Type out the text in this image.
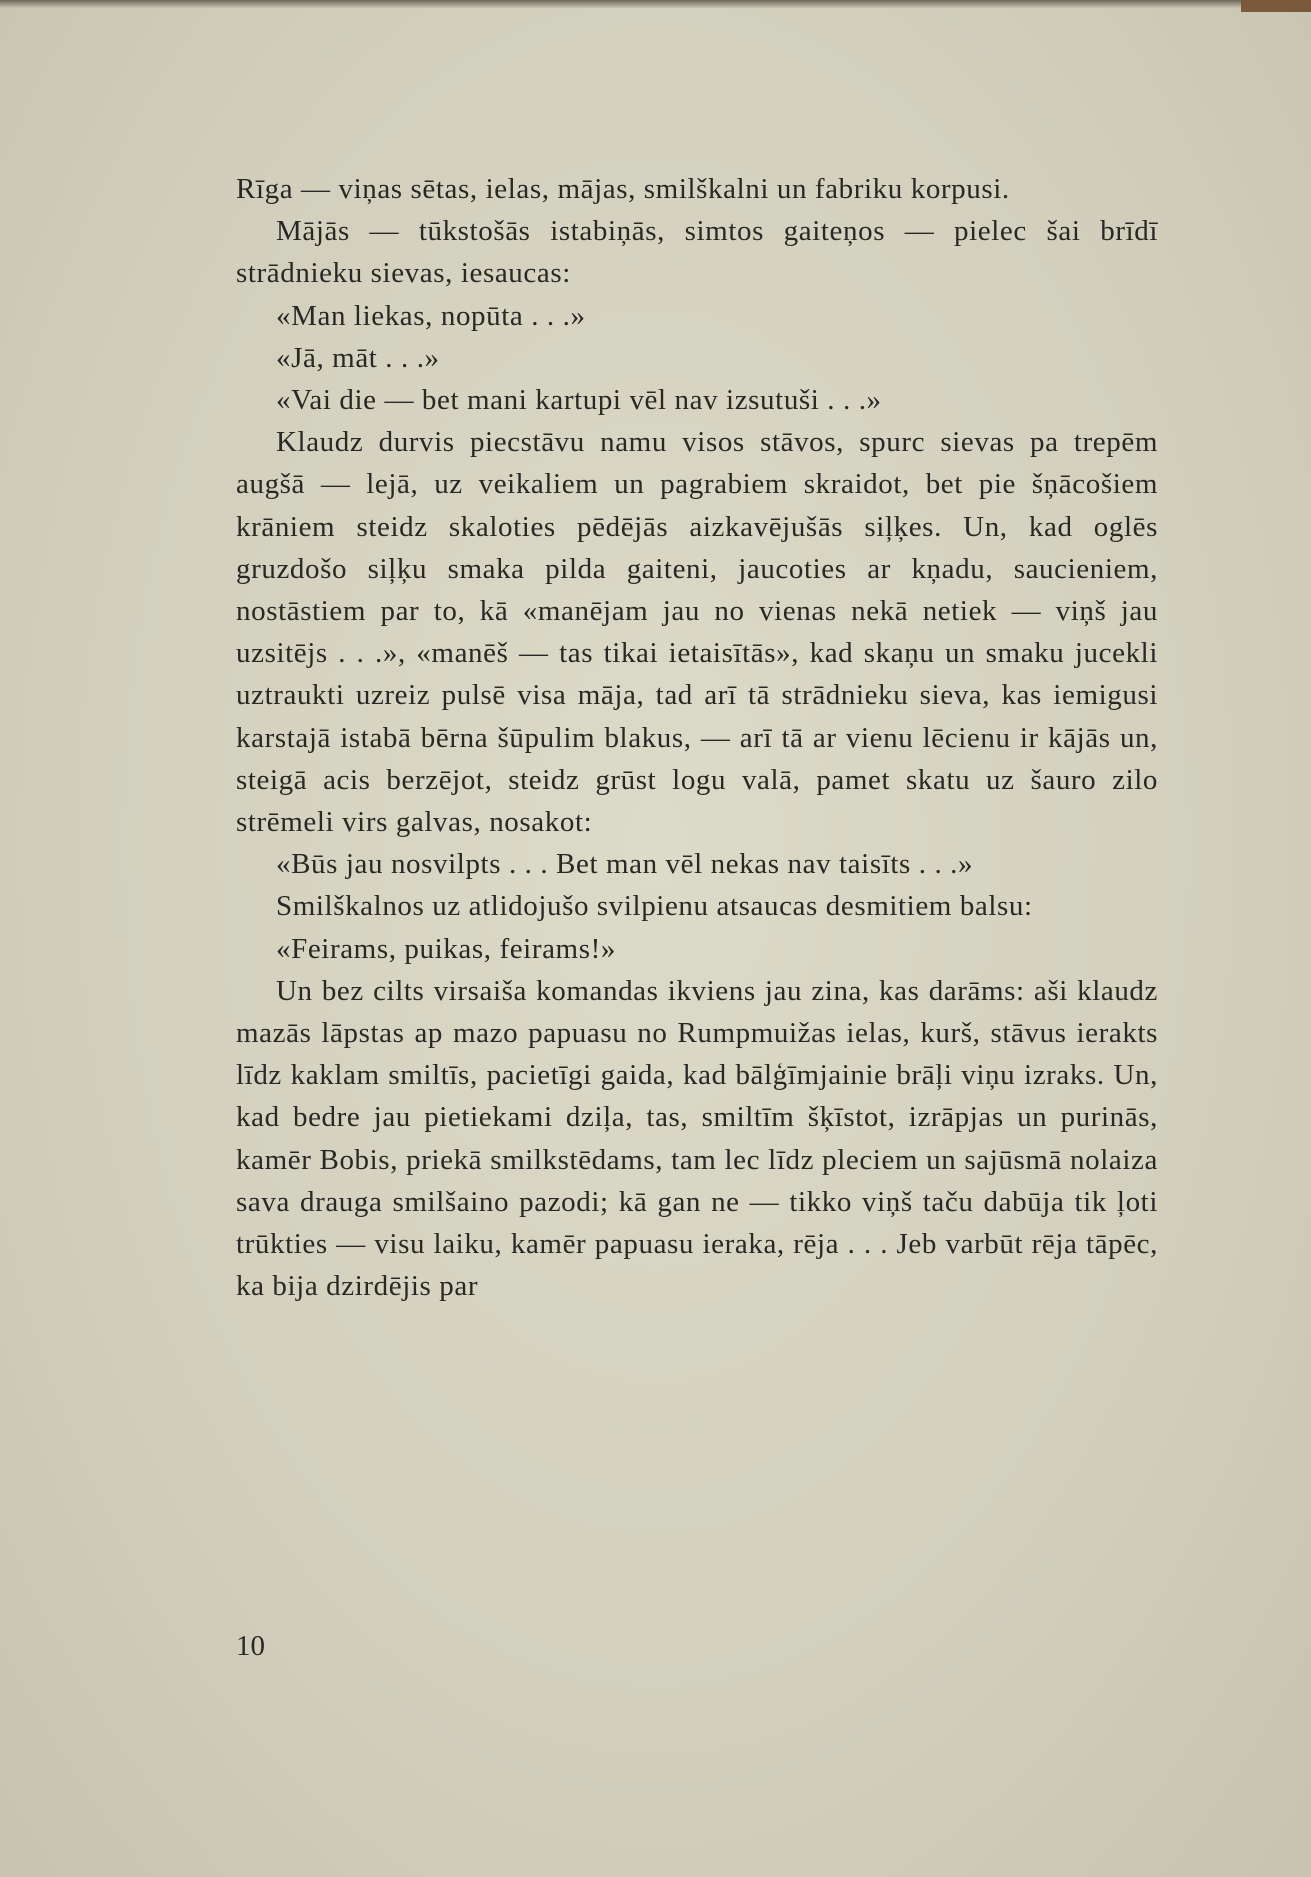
Rīga — viņas sētas, ielas, mājas, smilškalni un fabriku korpusi.

Mājās — tūkstošās istabiņās, simtos gaiteņos — pielec šai brīdī strādnieku sievas, iesaucas:

«Man liekas, nopūta . . .»

«Jā, māt . . .»

«Vai die — bet mani kartupi vēl nav izsutuši . . .»

Klaudz durvis piecstāvu namu visos stāvos, spurc sievas pa trepēm augšā — lejā, uz veikaliem un pagrabiem skraidot, bet pie šņācošiem krāniem steidz skaloties pēdējās aizkavējušās siļķes. Un, kad oglēs gruzdošo siļķu smaka pilda gaiteni, jaucoties ar kņadu, saucieniem, nostāstiem par to, kā «manējam jau no vienas nekā netiek — viņš jau uzsitējs . . .», «manēš — tas tikai ietaisītās», kad skaņu un smaku jucekli uztraukti uzreiz pulsē visa māja, tad arī tā strādnieku sieva, kas iemigusi karstajā istabā bērna šūpulim blakus, — arī tā ar vienu lēcienu ir kājās un, steigā acis berzējot, steidz grūst logu valā, pamet skatu uz šauro zilo strēmeli virs galvas, nosakot:

«Būs jau nosvilpts . . . Bet man vēl nekas nav taisīts . . .»

Smilškalnos uz atlidojušo svilpienu atsaucas desmitiem balsu:

«Feirams, puikas, feirams!»

Un bez cilts virsaiša komandas ikviens jau zina, kas darāms: aši klaudz mazās lāpstas ap mazo papuasu no Rumpmuižas ielas, kurš, stāvus ierakts līdz kaklam smiltīs, pacietīgi gaida, kad bālģīmjainie brāļi viņu izraks. Un, kad bedre jau pietiekami dziļa, tas, smiltīm šķīstot, izrāpjas un purinās, kamēr Bobis, priekā smilkstēdams, tam lec līdz pleciem un sajūsmā nolaiza sava drauga smilšaino pazodi; kā gan ne — tikko viņš taču dabūja tik ļoti trūkties — visu laiku, kamēr papuasu ieraka, rēja . . . Jeb varbūt rēja tāpēc, ka bija dzirdējis par

10
